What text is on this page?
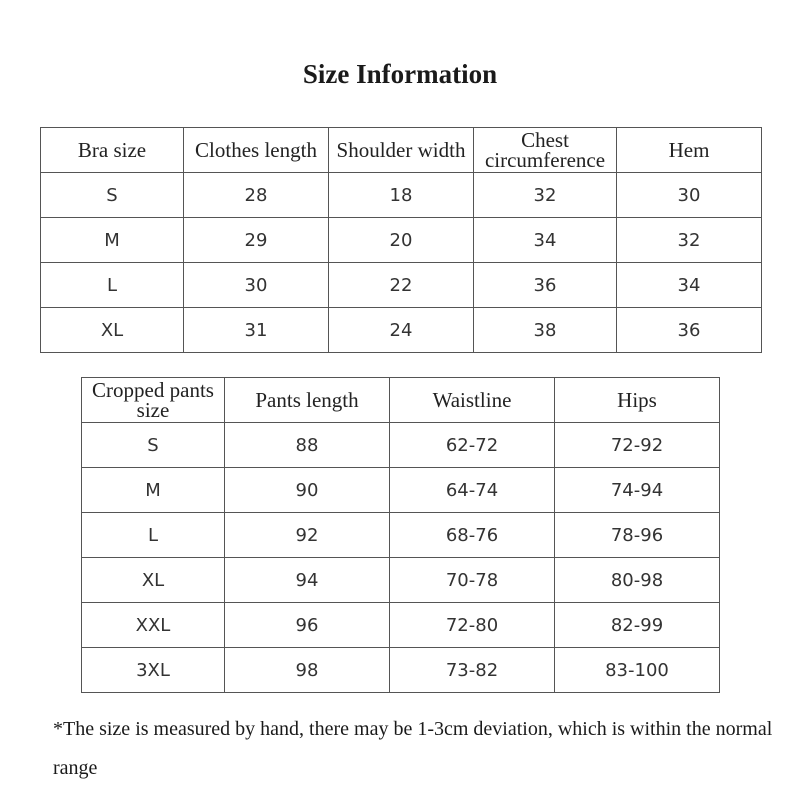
Size Information
Bra size	Clothes length	Shoulder width	Chest circumference	Hem
S	28	18	32	30
M	29	20	34	32
L	30	22	36	34
XL	31	24	38	36
Cropped pants size	Pants length	Waistline	Hips
S	88	62-72	72-92
M	90	64-74	74-94
L	92	68-76	78-96
XL	94	70-78	80-98
XXL	96	72-80	82-99
3XL	98	73-82	83-100
*The size is measured by hand, there may be 1-3cm deviation, which is within the normal range
